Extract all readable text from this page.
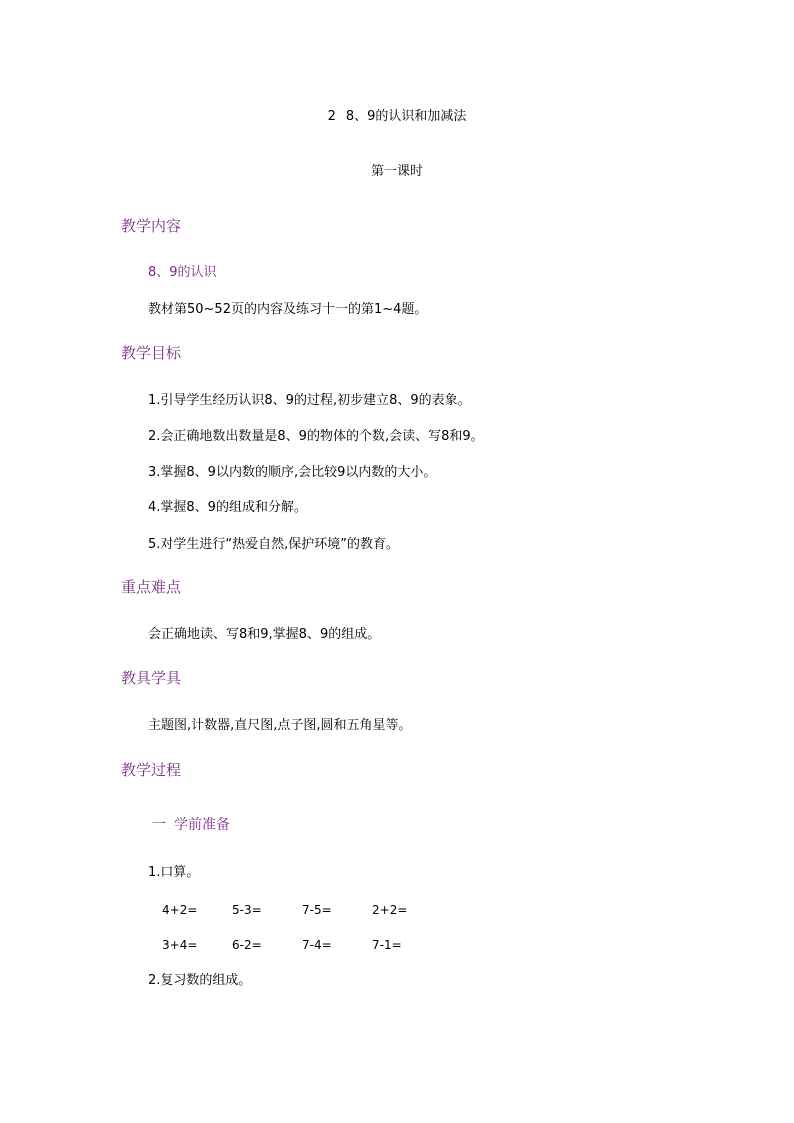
2 8、9的认识和加减法
第一课时
教学内容
8、9的认识
教材第50~52页的内容及练习十一的第1~4题。
教学目标
1.引导学生经历认识8、9的过程,初步建立8、9的表象。
2.会正确地数出数量是8、9的物体的个数,会读、写8和9。
3.掌握8、9以内数的顺序,会比较9以内数的大小。
4.掌握8、9的组成和分解。
5.对学生进行“热爱自然,保护环境”的教育。
重点难点
会正确地读、写8和9,掌握8、9的组成。
教具学具
主题图,计数器,直尺图,点子图,圆和五角星等。
教学过程
一 学前准备
1.口算。
4+2=	5-3=	7-5=	2+2=
3+4=	6-2=	7-4=	7-1=
2.复习数的组成。
